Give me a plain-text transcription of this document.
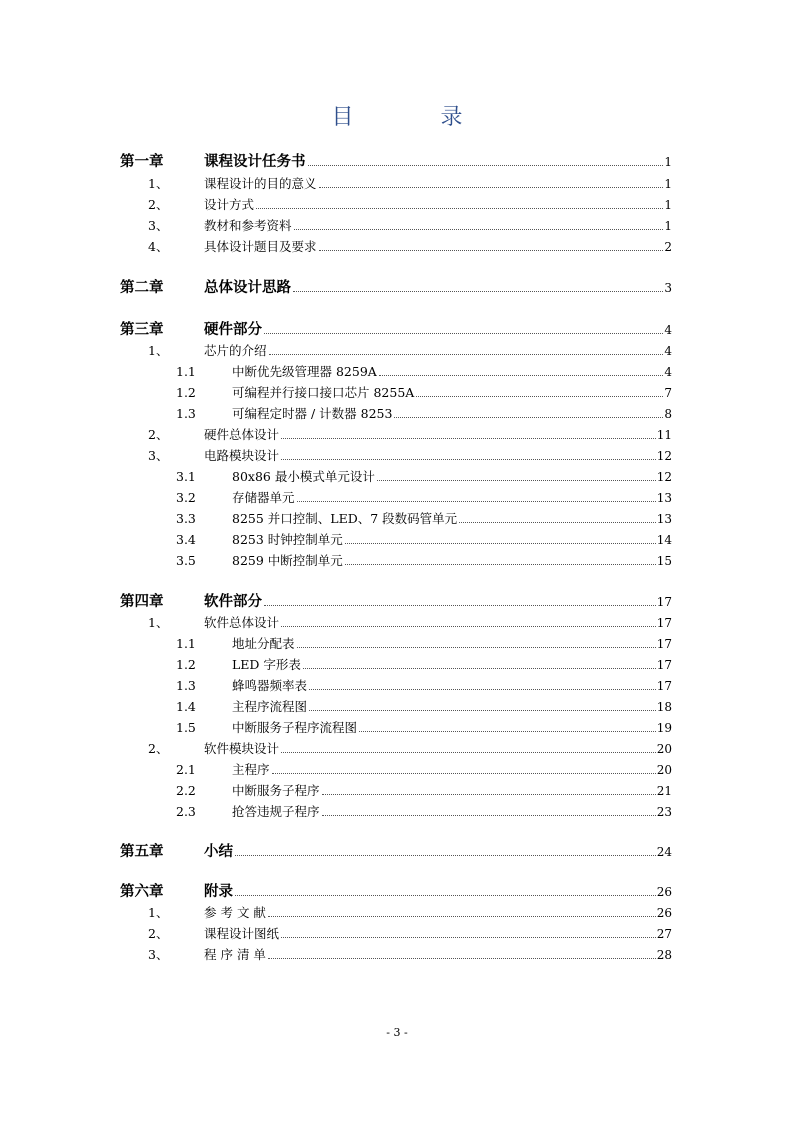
目 录
第一章	课程设计任务书	1
1、	课程设计的目的意义	1
2、	设计方式	1
3、	教材和参考资料	1
4、	具体设计题目及要求	2
第二章	总体设计思路	3
第三章	硬件部分	4
1、	芯片的介绍	4
1.1	中断优先级管理器 8259A	4
1.2	可编程并行接口接口芯片 8255A	7
1.3	可编程定时器 / 计数器 8253	8
2、	硬件总体设计	11
3、	电路模块设计	12
3.1	80x86 最小模式单元设计	12
3.2	存储器单元	13
3.3	8255 并口控制、LED、7 段数码管单元	13
3.4	8253 时钟控制单元	14
3.5	8259 中断控制单元	15
第四章	软件部分	17
1、	软件总体设计	17
1.1	地址分配表	17
1.2	LED 字形表	17
1.3	蜂鸣器频率表	17
1.4	主程序流程图	18
1.5	中断服务子程序流程图	19
2、	软件模块设计	20
2.1	主程序	20
2.2	中断服务子程序	21
2.3	抢答违规子程序	23
第五章	小结	24
第六章	附录	26
1、	参 考 文 献	26
2、	课程设计图纸	27
3、	程 序 清 单	28
- 3 -
